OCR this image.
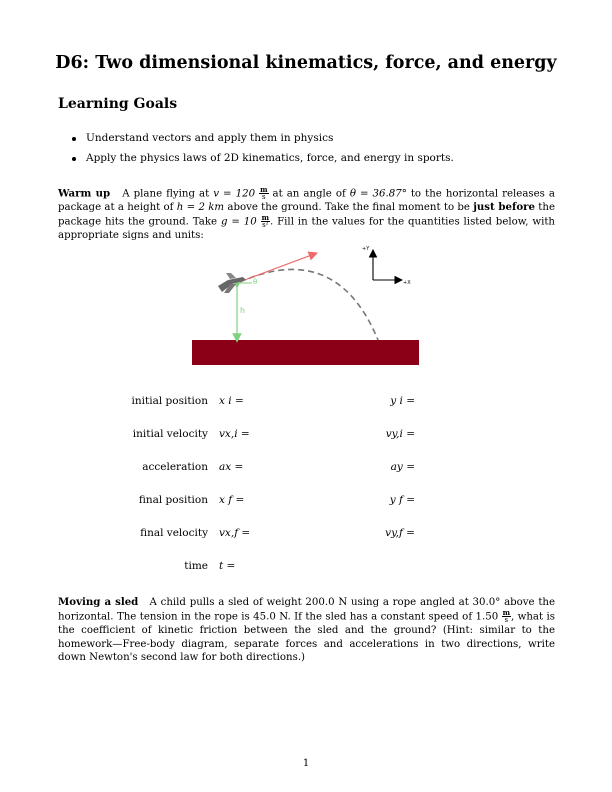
D6: Two dimensional kinematics, force, and energy
Learning Goals
Understand vectors and apply them in physics
Apply the physics laws of 2D kinematics, force, and energy in sports.
Warm up A plane flying at $v = 120 \frac{m}{s}$ at an angle of θ = 36.87° to the horizontal releases a package at a height of h = 2 km above the ground. Take the final moment to be just before the package hits the ground. Take $g = 10 \frac{m}{\text{s²}}$ . Fill in the values for the quantities listed below, with appropriate signs and units:
h
θ
+Y
+X
initial position x i =	y i =
initial velocity vx,i =	vy,i =
acceleration ax =	ay =
final position x f =	y f =
final velocity vx,f =	vy,f =
time t =
Moving a sled A child pulls a sled of weight 200.0 N using a rope angled at 30.0° above the horizontal. The tension in the rope is 45.0 N. If the sled has a constant speed of $1.50 \frac{m}{s}$ , what is the coefficient of kinetic friction between the sled and the ground? (Hint: similar to the homework—Free-body diagram, separate forces and accelerations in two directions, write down Newton's second law for both directions.)
1
